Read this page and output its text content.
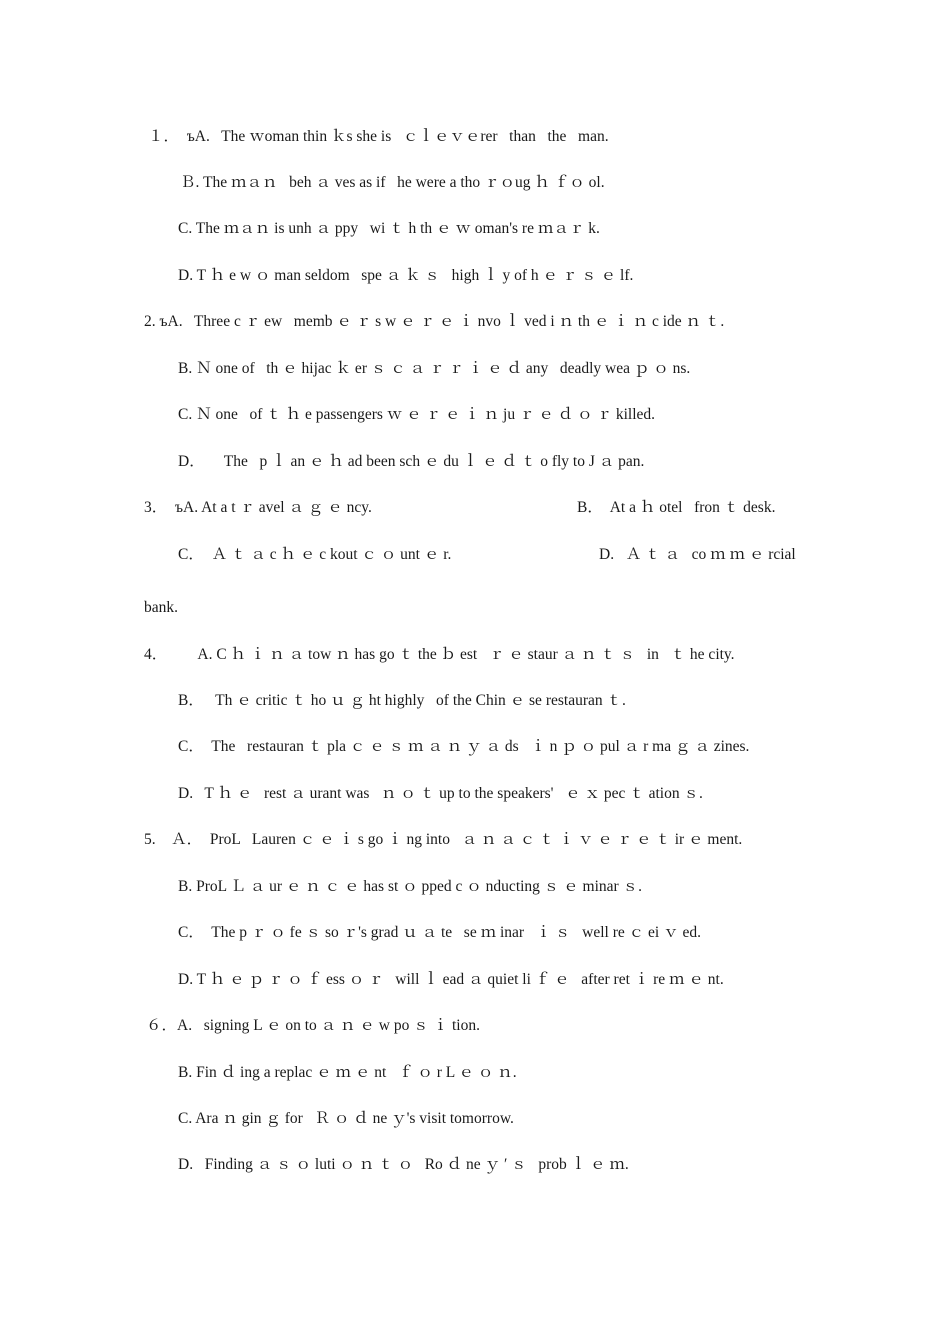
１．  ъA.   The ｗoman thin ｋs she is   ｃｌｅｖｅrer   than   the   man.
Ｂ. The ｍａｎ   beh ａ ves as if   he were a tho ｒｏug ｈ ｆｏ ol.
C. The ｍａｎ is unh ａ ppy   wi ｔ h th ｅ ｗ oman's re ｍａｒ k.
D. T ｈ e w ｏ man seldom   spe ａ ｋ ｓ   high ｌ y of h ｅ ｒ ｓ ｅ lf.
2. ъA.   Three c ｒ ew   memb ｅ ｒ s w ｅ ｒ ｅ ｉ nvo ｌ ved i ｎ th ｅ ｉ ｎ c ide ｎ ｔ.
B. Ｎ one of   th ｅ hijac ｋ er ｓ ｃ ａ ｒ ｒ ｉ ｅ ｄ any   deadly wea ｐ ｏ ns.
C. Ｎ one   of ｔ ｈ e passengers ｗ ｅ ｒ ｅ ｉ ｎ ju ｒ ｅ ｄ ｏ ｒ killed.
D．     The   p ｌ an ｅ ｈ ad been sch ｅ du ｌ ｅ ｄ ｔ o fly to J ａ pan.
3．  ъA. At a t ｒ avel ａ ｇ ｅ ncy.	B．  At a ｈ otel   fron ｔ desk.
C．  Ａ ｔ ａ c ｈ ｅ c kout ｃ ｏ unt ｅ r.	D.   Ａ ｔ ａ   co ｍ ｍ ｅ rcial
bank.
4．        A. C ｈ ｉ ｎ ａ tow ｎ has go ｔ the ｂ est   ｒ ｅ staur ａ ｎ ｔ ｓ   in   ｔ he city.
B．   Th ｅ critic ｔ ho ｕ ｇ ht highly   of the Chin ｅ se restauran ｔ.
C．  The   restauran ｔ pla ｃ ｅ ｓ ｍ ａ ｎ ｙ ａ ds   ｉ n ｐ ｏ pul ａ r ma ｇ ａ zines.
D.   T ｈ ｅ   rest ａ urant was   ｎ ｏ ｔ up to the speakers'   ｅ ｘ pec ｔ ation ｓ.
5.    Ａ．  ProL   Lauren ｃ ｅ ｉ s go ｉ ng into   ａ ｎ ａ ｃ ｔ ｉ ｖ ｅ ｒ ｅ ｔ ir ｅ ment.
B. ProL Ｌ ａ ur ｅ ｎ ｃ ｅ has st ｏ pped c ｏ nducting ｓ ｅ minar ｓ.
C．  The p ｒ ｏ fe ｓ so ｒ's grad ｕ ａ te   se ｍ inar   ｉ ｓ   well re ｃ ei ｖ ed.
D. T ｈ ｅ ｐ ｒ ｏ ｆ ess ｏ ｒ   will ｌ ead ａ quiet li ｆ ｅ   after ret ｉ re ｍ ｅ nt.
６．A.   signing L ｅ on to ａ ｎ ｅ w po ｓ ｉ tion.
B. Fin ｄ ing a replac ｅ ｍ ｅ nt   ｆ ｏ r L ｅ ｏ ｎ.
C. Ara ｎ gin ｇ for   Ｒ ｏ ｄ ne ｙ's visit tomorrow.
D.   Finding ａ ｓ ｏ luti ｏ ｎ ｔ ｏ   Ro ｄ ne ｙ ′ ｓ   prob ｌ ｅ ｍ.
